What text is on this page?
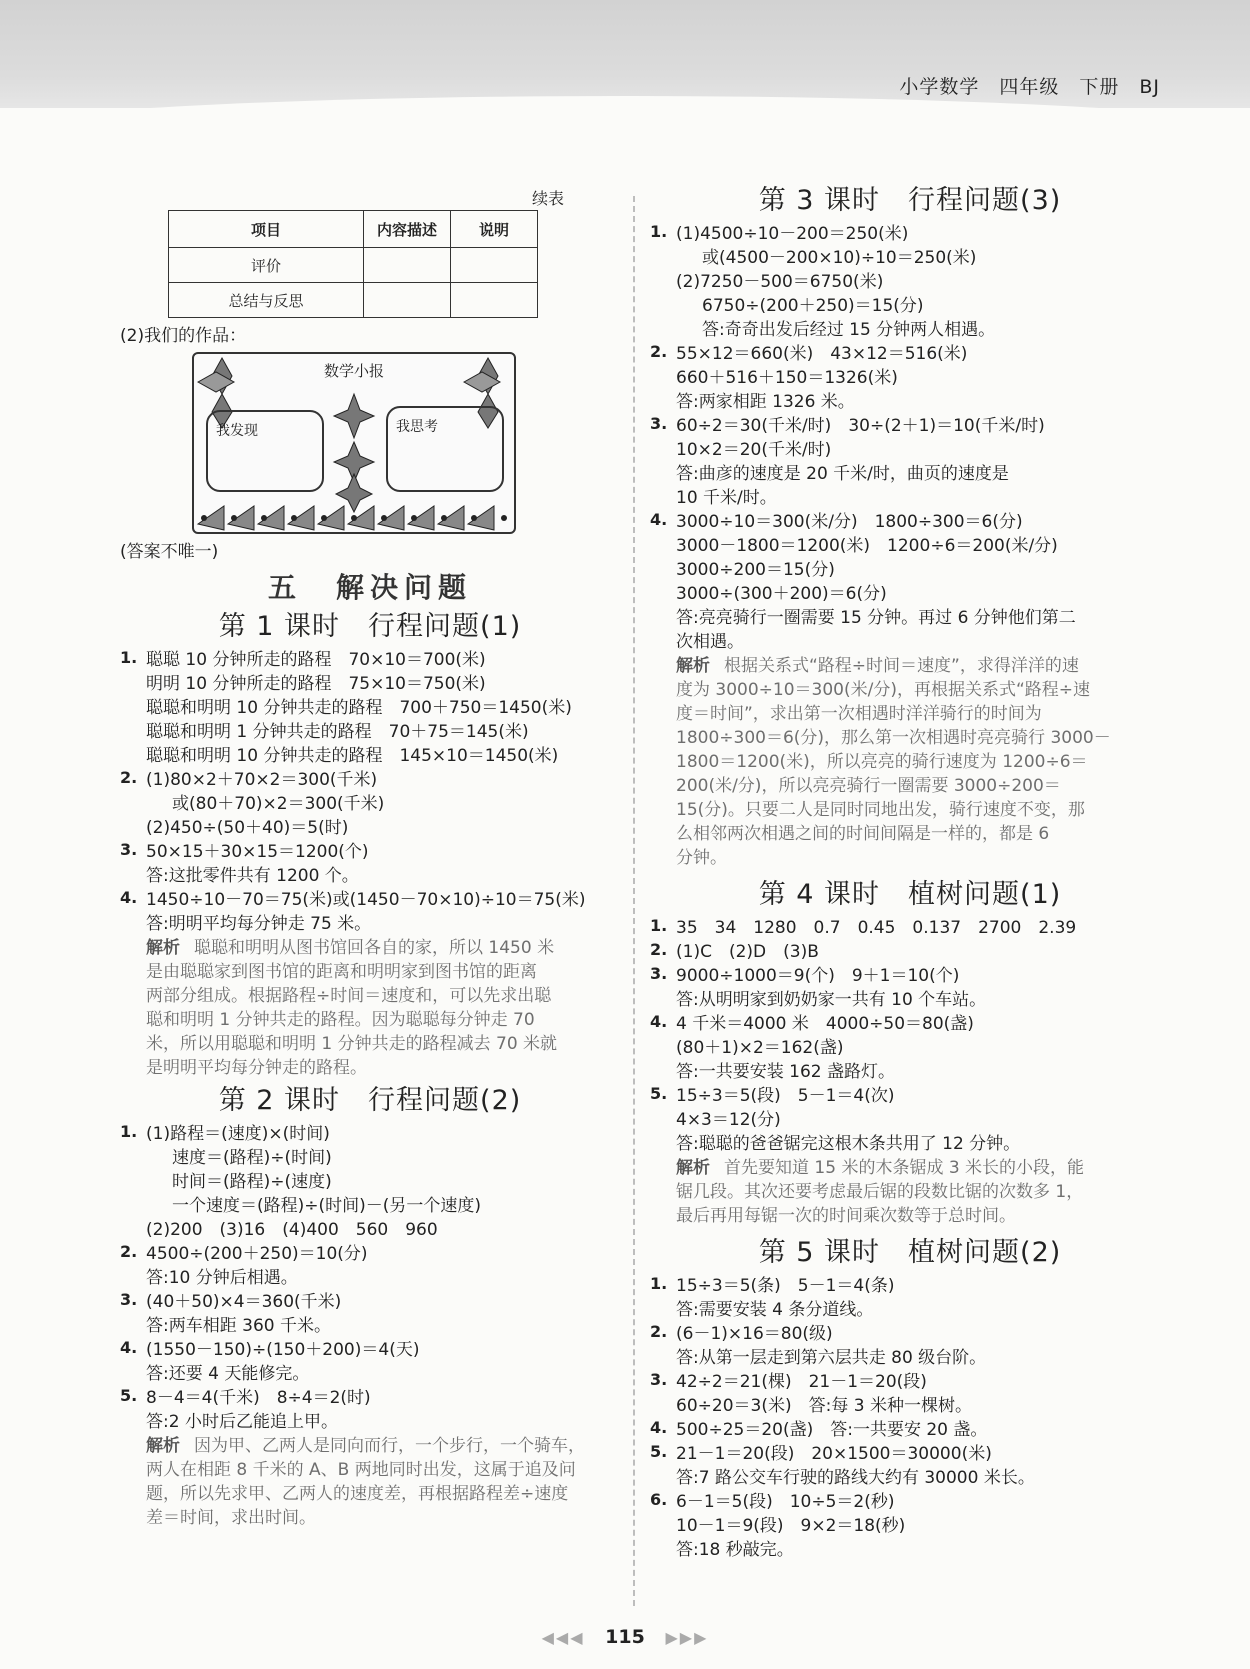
小学数学　四年级　下册　BJ
续表
项目	内容描述	说明
评价		
总结与反思		
(2)我们的作品：
数学小报
我发现	我思考
(答案不唯一)
五　解决问题
第 1 课时　行程问题(1)
1. 聪聪 10 分钟所走的路程　70×10＝700(米)
明明 10 分钟所走的路程　75×10＝750(米)
聪聪和明明 10 分钟共走的路程　700＋750＝1450(米)
聪聪和明明 1 分钟共走的路程　70＋75＝145(米)
聪聪和明明 10 分钟共走的路程　145×10＝1450(米)
2. (1)80×2＋70×2＝300(千米)
或(80＋70)×2＝300(千米)
(2)450÷(50＋40)＝5(时)
3. 50×15＋30×15＝1200(个)
答:这批零件共有 1200 个。
4. 1450÷10－70＝75(米)或(1450－70×10)÷10＝75(米)
答:明明平均每分钟走 75 米。
解析 聪聪和明明从图书馆回各自的家，所以 1450 米
是由聪聪家到图书馆的距离和明明家到图书馆的距离
两部分组成。根据路程÷时间＝速度和，可以先求出聪
聪和明明 1 分钟共走的路程。因为聪聪每分钟走 70
米，所以用聪聪和明明 1 分钟共走的路程减去 70 米就
是明明平均每分钟走的路程。
第 2 课时　行程问题(2)
1. (1)路程＝(速度)×(时间)
速度＝(路程)÷(时间)
时间＝(路程)÷(速度)
一个速度＝(路程)÷(时间)－(另一个速度)
(2)200　(3)16　(4)400　560　960
2. 4500÷(200＋250)＝10(分)
答:10 分钟后相遇。
3. (40＋50)×4＝360(千米)
答:两车相距 360 千米。
4. (1550－150)÷(150＋200)＝4(天)
答:还要 4 天能修完。
5. 8－4＝4(千米)　8÷4＝2(时)
答:2 小时后乙能追上甲。
解析 因为甲、乙两人是同向而行，一个步行，一个骑车，
两人在相距 8 千米的 A、B 两地同时出发，这属于追及问
题，所以先求甲、乙两人的速度差，再根据路程差÷速度
差＝时间，求出时间。
第 3 课时　行程问题(3)
1. (1)4500÷10－200＝250(米)
或(4500－200×10)÷10＝250(米)
(2)7250－500＝6750(米)
6750÷(200＋250)＝15(分)
答:奇奇出发后经过 15 分钟两人相遇。
2. 55×12＝660(米)　43×12＝516(米)
660＋516＋150＝1326(米)
答:两家相距 1326 米。
3. 60÷2＝30(千米/时)　30÷(2＋1)＝10(千米/时)
10×2＝20(千米/时)
答:曲彦的速度是 20 千米/时，曲页的速度是
10 千米/时。
4. 3000÷10＝300(米/分)　1800÷300＝6(分)
3000－1800＝1200(米)　1200÷6＝200(米/分)
3000÷200＝15(分)
3000÷(300＋200)＝6(分)
答:亮亮骑行一圈需要 15 分钟。再过 6 分钟他们第二
次相遇。
解析 根据关系式“路程÷时间＝速度”，求得洋洋的速
度为 3000÷10＝300(米/分)，再根据关系式“路程÷速
度＝时间”，求出第一次相遇时洋洋骑行的时间为
1800÷300＝6(分)，那么第一次相遇时亮亮骑行 3000－
1800＝1200(米)，所以亮亮的骑行速度为 1200÷6＝
200(米/分)，所以亮亮骑行一圈需要 3000÷200＝
15(分)。只要二人是同时同地出发，骑行速度不变，那
么相邻两次相遇之间的时间间隔是一样的，都是 6
分钟。
第 4 课时　植树问题(1)
1. 35　34　1280　0.7　0.45　0.137　2700　2.39
2. (1)C　(2)D　(3)B
3. 9000÷1000＝9(个)　9＋1＝10(个)
答:从明明家到奶奶家一共有 10 个车站。
4. 4 千米＝4000 米　4000÷50＝80(盏)
(80＋1)×2＝162(盏)
答:一共要安装 162 盏路灯。
5. 15÷3＝5(段)　5－1＝4(次)
4×3＝12(分)
答:聪聪的爸爸锯完这根木条共用了 12 分钟。
解析 首先要知道 15 米的木条锯成 3 米长的小段，能
锯几段。其次还要考虑最后锯的段数比锯的次数多 1，
最后再用每锯一次的时间乘次数等于总时间。
第 5 课时　植树问题(2)
1. 15÷3＝5(条)　5－1＝4(条)
答:需要安装 4 条分道线。
2. (6－1)×16＝80(级)
答:从第一层走到第六层共走 80 级台阶。
3. 42÷2＝21(棵)　21－1＝20(段)
60÷20＝3(米)　答:每 3 米种一棵树。
4. 500÷25＝20(盏)　答:一共要安 20 盏。
5. 21－1＝20(段)　20×1500＝30000(米)
答:7 路公交车行驶的路线大约有 30000 米长。
6. 6－1＝5(段)　10÷5＝2(秒)
10－1＝9(段)　9×2＝18(秒)
答:18 秒敲完。
◀◀◀ 115 ▶▶▶
